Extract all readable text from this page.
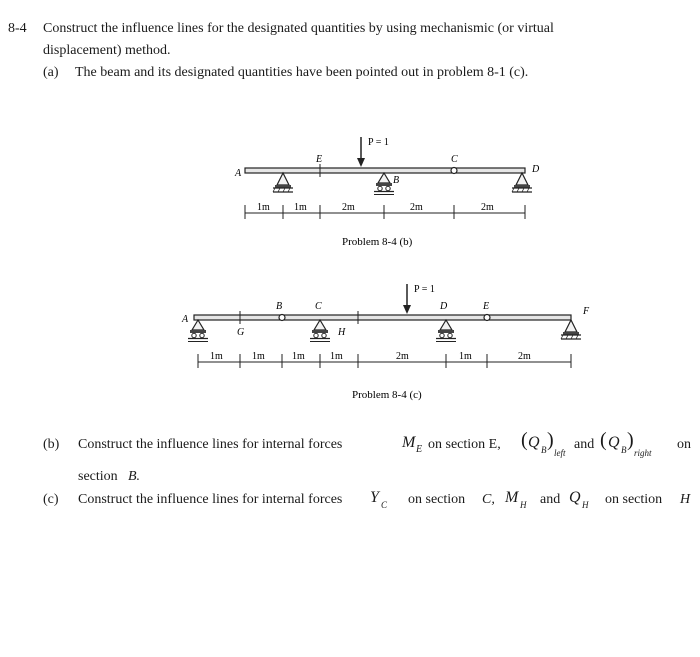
8-4 Construct the influence lines for the designated quantities by using mechanismic (or virtual
displacement) method.
(a) The beam and its designated quantities have been pointed out in problem 8-1 (c).
(b) Construct the influence lines for internal forces	M E on section E, ( Q B )
left
and ( Q B )
right
on
section B.
(c) Construct the influence lines for internal forces Y C on section C, M H and Q H on section H
P = 1
A
E
B
C
D
1m 1m	2m	2m	2m
Problem 8-4 (b)
P = 1
A
B	C
G	H
D	E	F
1m	1m	1m	1m	2m	1m	2m
Problem 8-4 (c)
